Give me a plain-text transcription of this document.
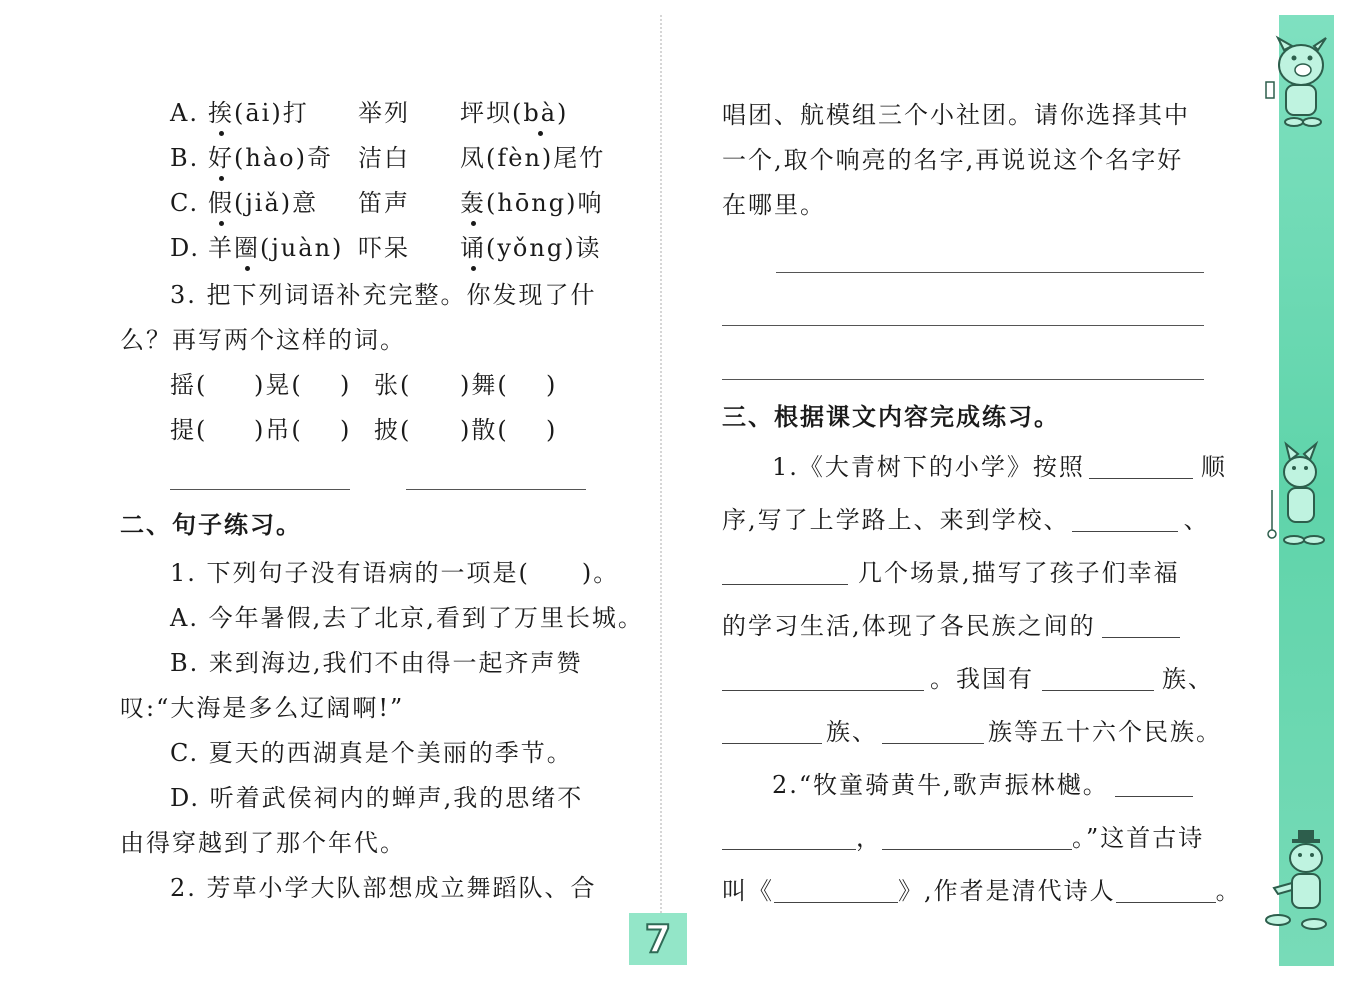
A. 挨(āi)打 举列 坪坝(bà)
B. 好(hào)奇 洁白 凤(fèn)尾竹
C. 假(jiǎ)意 笛声 轰(hōng)响
D. 羊圈(juàn) 吓呆 诵(yǒng)读
3. 把下列词语补充完整。你发现了什
么？再写两个这样的词。
摇( )晃( ) 张( )舞( )
提( )吊( ) 披( )散( )
二、句子练习。
1. 下列句子没有语病的一项是(　　)。
A. 今年暑假,去了北京,看到了万里长城。
B. 来到海边,我们不由得一起齐声赞
叹:“大海是多么辽阔啊!”
C. 夏天的西湖真是个美丽的季节。
D. 听着武侯祠内的蝉声,我的思绪不
由得穿越到了那个年代。
2. 芳草小学大队部想成立舞蹈队、合
唱团、航模组三个小社团。请你选择其中
一个,取个响亮的名字,再说说这个名字好
在哪里。
三、根据课文内容完成练习。
1.《大青树下的小学》按照	顺
序,写了上学路上、来到学校、	、
几个场景,描写了孩子们幸福
的学习生活,体现了各民族之间的
。我国有	族、
族、	族等五十六个民族。
2.“牧童骑黄牛,歌声振林樾。
，	。”这首古诗
叫《	》,作者是清代诗人	。
7
